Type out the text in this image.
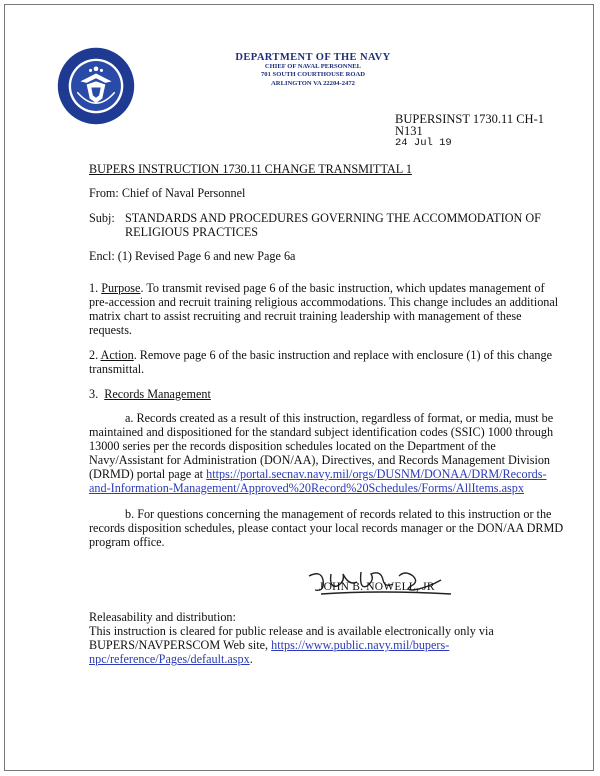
DEPARTMENT OF THE NAVY
CHIEF OF NAVAL PERSONNEL
701 SOUTH COURTHOUSE ROAD
ARLINGTON VA 22204-2472
BUPERSINST 1730.11 CH-1
N131
24 Jul 19
BUPERS INSTRUCTION 1730.11 CHANGE TRANSMITTAL 1
From: Chief of Naval Personnel
Subj: STANDARDS AND PROCEDURES GOVERNING THE ACCOMMODATION OF
RELIGIOUS PRACTICES
Encl: (1) Revised Page 6 and new Page 6a
1. Purpose. To transmit revised page 6 of the basic instruction, which updates management of
pre-accession and recruit training religious accommodations. This change includes an additional
matrix chart to assist recruiting and recruit training leadership with management of these
requests.
2. Action. Remove page 6 of the basic instruction and replace with enclosure (1) of this change
transmittal.
3. Records Management
a. Records created as a result of this instruction, regardless of format, or media, must be
maintained and dispositioned for the standard subject identification codes (SSIC) 1000 through
13000 series per the records disposition schedules located on the Department of the
Navy/Assistant for Administration (DON/AA), Directives, and Records Management Division
(DRMD) portal page at https://portal.secnav.navy.mil/orgs/DUSNM/DONAA/DRM/Records-
and-Information-Management/Approved%20Record%20Schedules/Forms/AllItems.aspx
b. For questions concerning the management of records related to this instruction or the
records disposition schedules, please contact your local records manager or the DON/AA DRMD
program office.
JOHN B. NOWELL, JR
Releasability and distribution:
This instruction is cleared for public release and is available electronically only via
BUPERS/NAVPERSCOM Web site, https://www.public.navy.mil/bupers-
npc/reference/Pages/default.aspx.
